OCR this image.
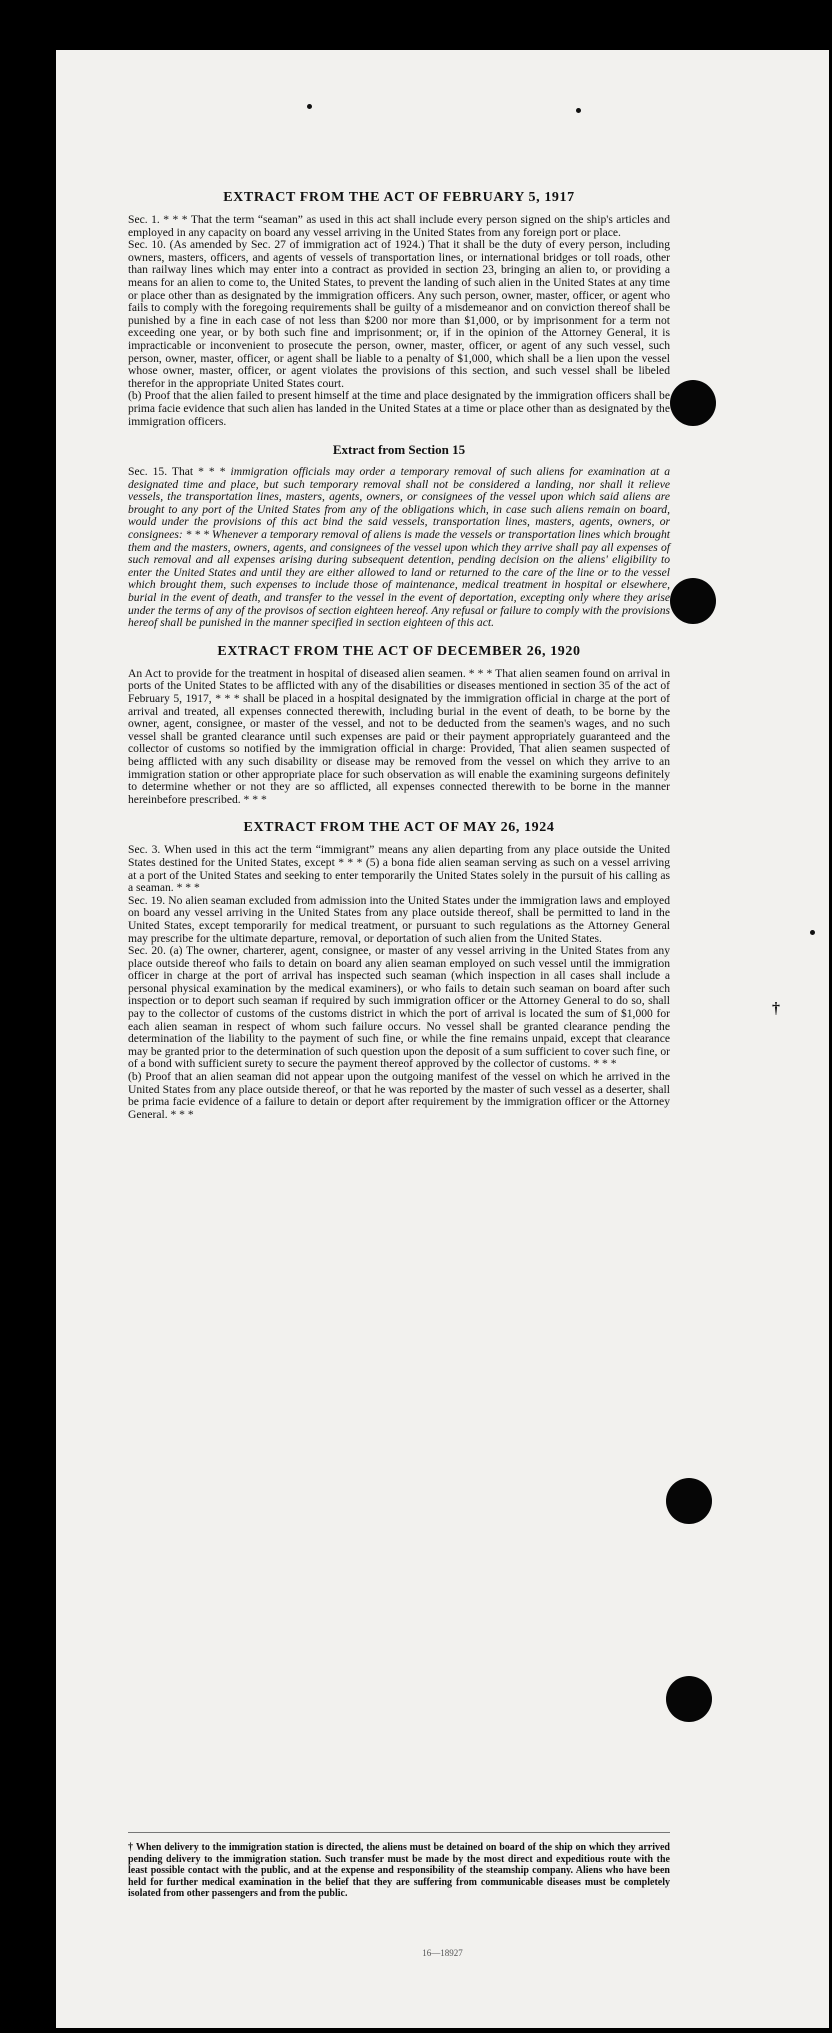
†
EXTRACT FROM THE ACT OF FEBRUARY 5, 1917

Sec. 1. * * * That the term “seaman” as used in this act shall include every person signed on the ship's articles and employed in any capacity on board any vessel arriving in the United States from any foreign port or place.

Sec. 10. (As amended by Sec. 27 of immigration act of 1924.) That it shall be the duty of every person, including owners, masters, officers, and agents of vessels of transportation lines, or international bridges or toll roads, other than railway lines which may enter into a contract as provided in section 23, bringing an alien to, or providing a means for an alien to come to, the United States, to prevent the landing of such alien in the United States at any time or place other than as designated by the immigration officers. Any such person, owner, master, officer, or agent who fails to comply with the foregoing requirements shall be guilty of a misdemeanor and on conviction thereof shall be punished by a fine in each case of not less than $200 nor more than $1,000, or by imprisonment for a term not exceeding one year, or by both such fine and imprisonment; or, if in the opinion of the Attorney General, it is impracticable or inconvenient to prosecute the person, owner, master, officer, or agent of any such vessel, such person, owner, master, officer, or agent shall be liable to a penalty of $1,000, which shall be a lien upon the vessel whose owner, master, officer, or agent violates the provisions of this section, and such vessel shall be libeled therefor in the appropriate United States court.

(b) Proof that the alien failed to present himself at the time and place designated by the immigration officers shall be prima facie evidence that such alien has landed in the United States at a time or place other than as designated by the immigration officers.

Extract from Section 15

Sec. 15. That * * * immigration officials may order a temporary removal of such aliens for examination at a designated time and place, but such temporary removal shall not be considered a landing, nor shall it relieve vessels, the transportation lines, masters, agents, owners, or consignees of the vessel upon which said aliens are brought to any port of the United States from any of the obligations which, in case such aliens remain on board, would under the provisions of this act bind the said vessels, transportation lines, masters, agents, owners, or consignees: * * * Whenever a temporary removal of aliens is made the vessels or transportation lines which brought them and the masters, owners, agents, and consignees of the vessel upon which they arrive shall pay all expenses of such removal and all expenses arising during subsequent detention, pending decision on the aliens' eligibility to enter the United States and until they are either allowed to land or returned to the care of the line or to the vessel which brought them, such expenses to include those of maintenance, medical treatment in hospital or elsewhere, burial in the event of death, and transfer to the vessel in the event of deportation, excepting only where they arise under the terms of any of the provisos of section eighteen hereof. Any refusal or failure to comply with the provisions hereof shall be punished in the manner specified in section eighteen of this act.

EXTRACT FROM THE ACT OF DECEMBER 26, 1920

An Act to provide for the treatment in hospital of diseased alien seamen. * * * That alien seamen found on arrival in ports of the United States to be afflicted with any of the disabilities or diseases mentioned in section 35 of the act of February 5, 1917, * * * shall be placed in a hospital designated by the immigration official in charge at the port of arrival and treated, all expenses connected therewith, including burial in the event of death, to be borne by the owner, agent, consignee, or master of the vessel, and not to be deducted from the seamen's wages, and no such vessel shall be granted clearance until such expenses are paid or their payment appropriately guaranteed and the collector of customs so notified by the immigration official in charge: Provided, That alien seamen suspected of being afflicted with any such disability or disease may be removed from the vessel on which they arrive to an immigration station or other appropriate place for such observation as will enable the examining surgeons definitely to determine whether or not they are so afflicted, all expenses connected therewith to be borne in the manner hereinbefore prescribed. * * *

EXTRACT FROM THE ACT OF MAY 26, 1924

Sec. 3. When used in this act the term “immigrant” means any alien departing from any place outside the United States destined for the United States, except * * * (5) a bona fide alien seaman serving as such on a vessel arriving at a port of the United States and seeking to enter temporarily the United States solely in the pursuit of his calling as a seaman. * * *

Sec. 19. No alien seaman excluded from admission into the United States under the immigration laws and employed on board any vessel arriving in the United States from any place outside thereof, shall be permitted to land in the United States, except temporarily for medical treatment, or pursuant to such regulations as the Attorney General may prescribe for the ultimate departure, removal, or deportation of such alien from the United States.

Sec. 20. (a) The owner, charterer, agent, consignee, or master of any vessel arriving in the United States from any place outside thereof who fails to detain on board any alien seaman employed on such vessel until the immigration officer in charge at the port of arrival has inspected such seaman (which inspection in all cases shall include a personal physical examination by the medical examiners), or who fails to detain such seaman on board after such inspection or to deport such seaman if required by such immigration officer or the Attorney General to do so, shall pay to the collector of customs of the customs district in which the port of arrival is located the sum of $1,000 for each alien seaman in respect of whom such failure occurs. No vessel shall be granted clearance pending the determination of the liability to the payment of such fine, or while the fine remains unpaid, except that clearance may be granted prior to the determination of such question upon the deposit of a sum sufficient to cover such fine, or of a bond with sufficient surety to secure the payment thereof approved by the collector of customs. * * *

(b) Proof that an alien seaman did not appear upon the outgoing manifest of the vessel on which he arrived in the United States from any place outside thereof, or that he was reported by the master of such vessel as a deserter, shall be prima facie evidence of a failure to detain or deport after requirement by the immigration officer or the Attorney General. * * *

† When delivery to the immigration station is directed, the aliens must be detained on board of the ship on which they arrived pending delivery to the immigration station. Such transfer must be made by the most direct and expeditious route with the least possible contact with the public, and at the expense and responsibility of the steamship company. Aliens who have been held for further medical examination in the belief that they are suffering from communicable diseases must be completely isolated from other passengers and from the public.

16—18927
